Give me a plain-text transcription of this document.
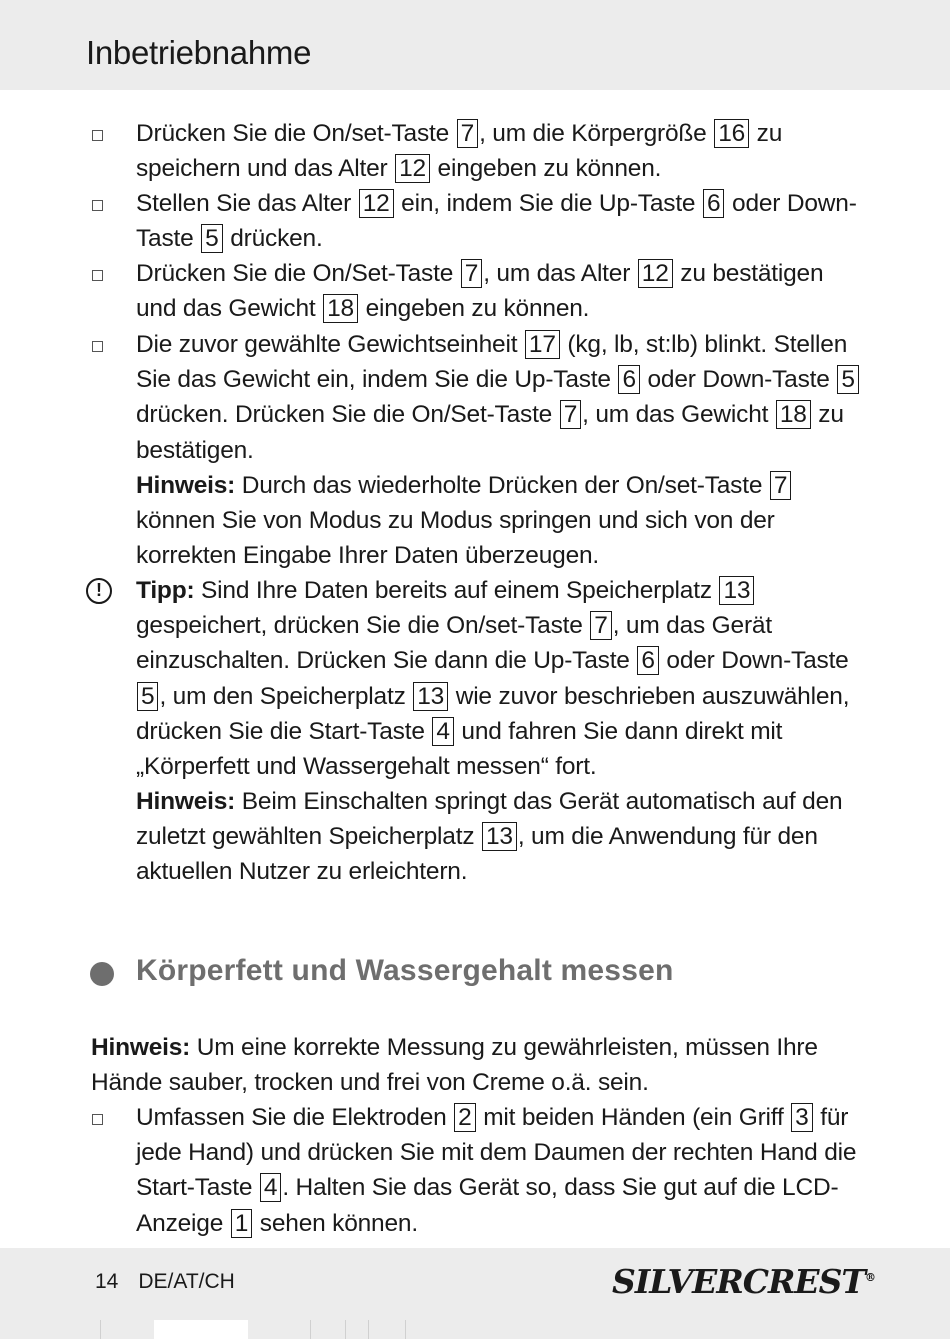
Inbetriebnahme
Drücken Sie die On/set-Taste 7 , um die Körpergröße 16 zu speichern und das Alter 12 eingeben zu können.
Stellen Sie das Alter 12 ein, indem Sie die Up-Taste 6 oder Down-Taste 5 drücken.
Drücken Sie die On/Set-Taste 7 , um das Alter 12 zu bestätigen und das Gewicht 18 eingeben zu können.
Die zuvor gewählte Gewichtseinheit 17 (kg, lb, st:lb) blinkt. Stellen Sie das Gewicht ein, indem Sie die Up-Taste 6 oder Down-Taste 5 drücken. Drücken Sie die On/Set-Taste 7 , um das Gewicht 18 zu bestätigen.
Hinweis: Durch das wiederholte Drücken der On/set-Taste 7 können Sie von Modus zu Modus springen und sich von der korrekten Eingabe Ihrer Daten überzeugen.
!	Tipp: Sind Ihre Daten bereits auf einem Speicherplatz 13 gespeichert, drücken Sie die On/set-Taste 7 , um das Gerät einzuschalten. Drücken Sie dann die Up-Taste 6 oder Down-Taste 5 , um den Speicherplatz 13 wie zuvor beschrieben auszuwählen, drücken Sie die Start-Taste 4 und fahren Sie dann direkt mit „Körperfett und Wassergehalt messen“ fort.
Hinweis: Beim Einschalten springt das Gerät automatisch auf den zuletzt gewählten Speicherplatz 13 , um die Anwendung für den aktuellen Nutzer zu erleichtern.
Körperfett und Wassergehalt messen
Hinweis: Um eine korrekte Messung zu gewährleisten, müssen Ihre Hände sauber, trocken und frei von Creme o.ä. sein.
Umfassen Sie die Elektroden 2 mit beiden Händen (ein Griff 3 für jede Hand) und drücken Sie mit dem Daumen der rechten Hand die Start-Taste 4 . Halten Sie das Gerät so, dass Sie gut auf die LCD-Anzeige 1 sehen können.
14 DE/AT/CH	SILVERCREST®
